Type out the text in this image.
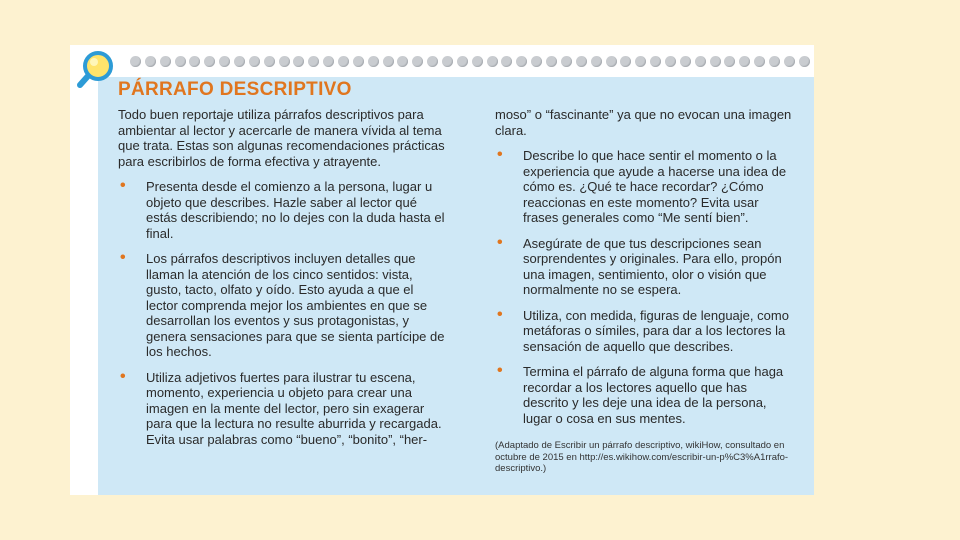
PÁRRAFO DESCRIPTIVO

Todo buen reportaje utiliza párrafos descriptivos para ambientar al lector y acercarle de manera vívida al tema que trata. Estas son algunas recomendaciones prácticas para escribirlos de forma efectiva y atrayente.

• Presenta desde el comienzo a la persona, lugar u objeto que describes. Hazle saber al lector qué estás describiendo; no lo dejes con la duda hasta el final.
• Los párrafos descriptivos incluyen detalles que llaman la atención de los cinco sentidos: vista, gusto, tacto, olfato y oído. Esto ayuda a que el lector comprenda mejor los ambientes en que se desarrollan los eventos y sus protagonistas, y genera sensaciones para que se sienta partícipe de los hechos.
• Utiliza adjetivos fuertes para ilustrar tu escena, momento, experiencia u objeto para crear una imagen en la mente del lector, pero sin exagerar para que la lectura no resulte aburrida y recargada. Evita usar palabras como “bueno”, “bonito”, “her-

moso” o “fascinante” ya que no evocan una imagen clara.

• Describe lo que hace sentir el momento o la experiencia que ayude a hacerse una idea de cómo es. ¿Qué te hace recordar? ¿Cómo reaccionas en este momento? Evita usar frases generales como “Me sentí bien”.
• Asegúrate de que tus descripciones sean sorprendentes y originales. Para ello, propón una imagen, sentimiento, olor o visión que normalmente no se espera.
• Utiliza, con medida, figuras de lenguaje, como metáforas o símiles, para dar a los lectores la sensación de aquello que describes.
• Termina el párrafo de alguna forma que haga recordar a los lectores aquello que has descrito y les deje una idea de la persona, lugar o cosa en sus mentes.

(Adaptado de Escribir un párrafo descriptivo, wikiHow, consultado en octubre de 2015 en http://es.wikihow.com/escribir-un-p%C3%A1rrafo-descriptivo.)
